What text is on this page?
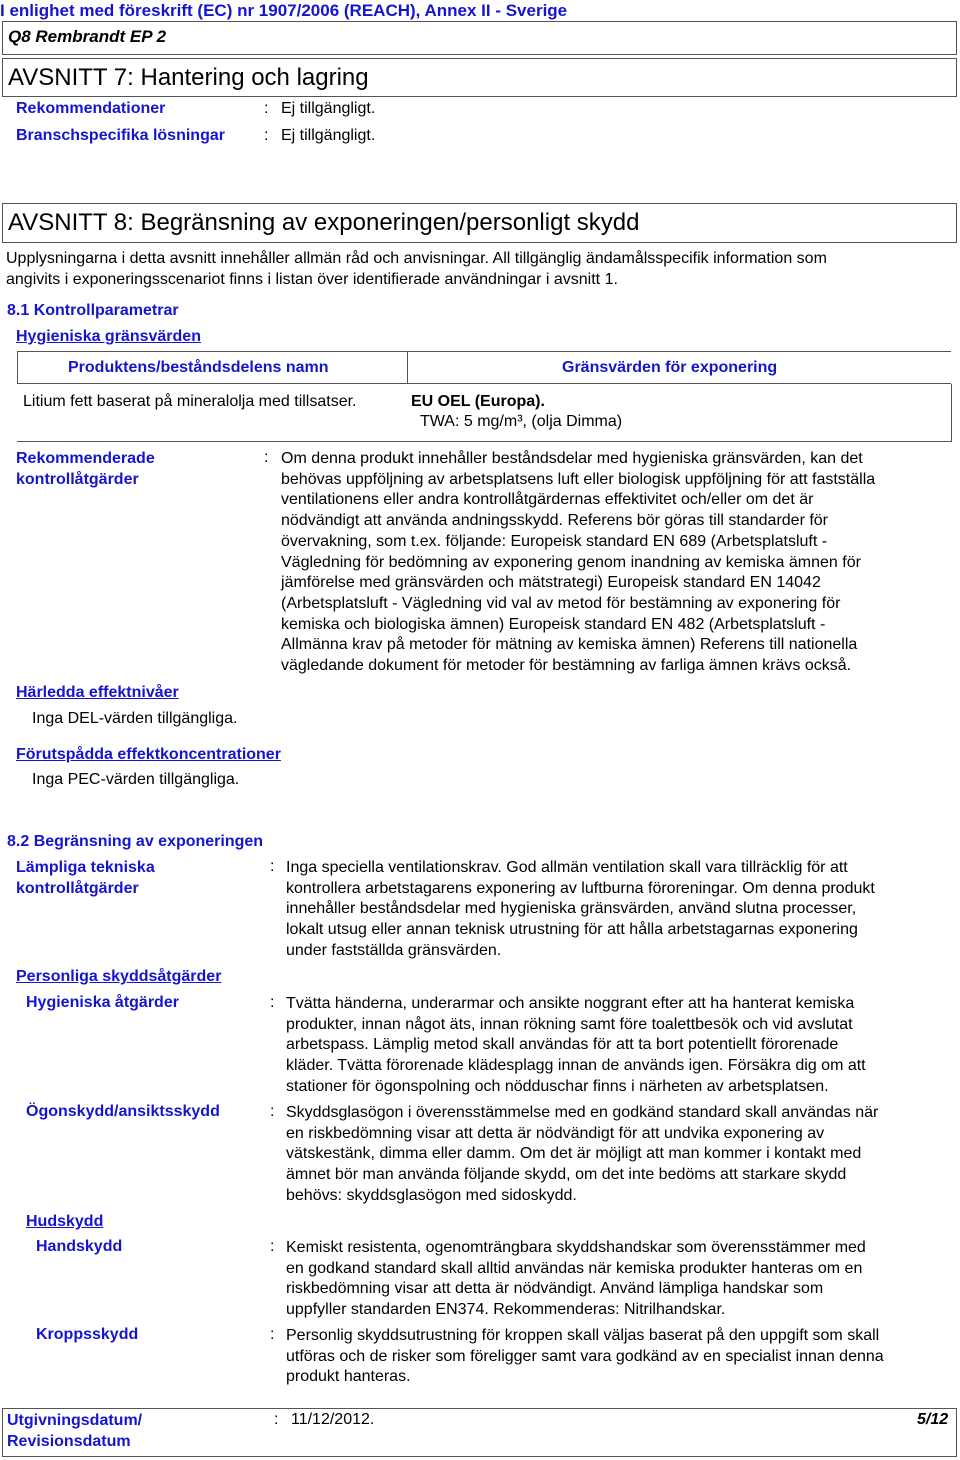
I enlighet med föreskrift (EC) nr 1907/2006 (REACH), Annex II - Sverige
Q8 Rembrandt EP 2
AVSNITT 7: Hantering och lagring
Rekommendationer	: Ej tillgängligt.
Branschspecifika lösningar : Ej tillgängligt.
AVSNITT 8: Begränsning av exponeringen/personligt skydd
Upplysningarna i detta avsnitt innehåller allmän råd och anvisningar. All tillgänglig ändamålsspecifik information som
angivits i exponeringsscenariot finns i listan över identifierade användningar i avsnitt 1.
8.1 Kontrollparametrar
Hygieniska gränsvärden
Produktens/beståndsdelens namn	Gränsvärden för exponering
Litium fett baserat på mineralolja med tillsatser.	EU OEL (Europa).
TWA: 5 mg/m³, (olja Dimma)
Rekommenderade
kontrollåtgärder
: Om denna produkt innehåller beståndsdelar med hygieniska gränsvärden, kan det
behövas uppföljning av arbetsplatsens luft eller biologisk uppföljning för att fastställa
ventilationens eller andra kontrollåtgärdernas effektivitet och/eller om det är
nödvändigt att använda andningsskydd. Referens bör göras till standarder för
övervakning, som t.ex. följande: Europeisk standard EN 689 (Arbetsplatsluft -
Vägledning för bedömning av exponering genom inandning av kemiska ämnen för
jämförelse med gränsvärden och mätstrategi) Europeisk standard EN 14042
(Arbetsplatsluft - Vägledning vid val av metod för bestämning av exponering för
kemiska och biologiska ämnen) Europeisk standard EN 482 (Arbetsplatsluft -
Allmänna krav på metoder för mätning av kemiska ämnen) Referens till nationella
vägledande dokument för metoder för bestämning av farliga ämnen krävs också.
Härledda effektnivåer
Inga DEL-värden tillgängliga.
Förutspådda effektkoncentrationer
Inga PEC-värden tillgängliga.
8.2 Begränsning av exponeringen
Lämpliga tekniska
kontrollåtgärder
: Inga speciella ventilationskrav. God allmän ventilation skall vara tillräcklig för att
kontrollera arbetstagarens exponering av luftburna föroreningar. Om denna produkt
innehåller beståndsdelar med hygieniska gränsvärden, använd slutna processer,
lokalt utsug eller annan teknisk utrustning för att hålla arbetstagarnas exponering
under fastställda gränsvärden.
Personliga skyddsåtgärder
Hygieniska åtgärder	: Tvätta händerna, underarmar och ansikte noggrant efter att ha hanterat kemiska
produkter, innan något äts, innan rökning samt före toalettbesök och vid avslutat
arbetspass. Lämplig metod skall användas för att ta bort potentiellt förorenade
kläder. Tvätta förorenade klädesplagg innan de används igen. Försäkra dig om att
stationer för ögonspolning och nödduschar finns i närheten av arbetsplatsen.
Ögonskydd/ansiktsskydd	: Skyddsglasögon i överensstämmelse med en godkänd standard skall användas när
en riskbedömning visar att detta är nödvändigt för att undvika exponering av
vätskestänk, dimma eller damm. Om det är möjligt att man kommer i kontakt med
ämnet bör man använda följande skydd, om det inte bedöms att starkare skydd
behövs: skyddsglasögon med sidoskydd.
Hudskydd
Handskydd	: Kemiskt resistenta, ogenomträngbara skyddshandskar som överensstämmer med
en godkand standard skall alltid användas när kemiska produkter hanteras om en
riskbedömning visar att detta är nödvändigt. Använd lämpliga handskar som
uppfyller standarden EN374. Rekommenderas: Nitrilhandskar.
Kroppsskydd	: Personlig skyddsutrustning för kroppen skall väljas baserat på den uppgift som skall
utföras och de risker som föreligger samt vara godkänd av en specialist innan denna
produkt hanteras.
Utgivningsdatum/
Revisionsdatum
: 11/12/2012.	5/12
